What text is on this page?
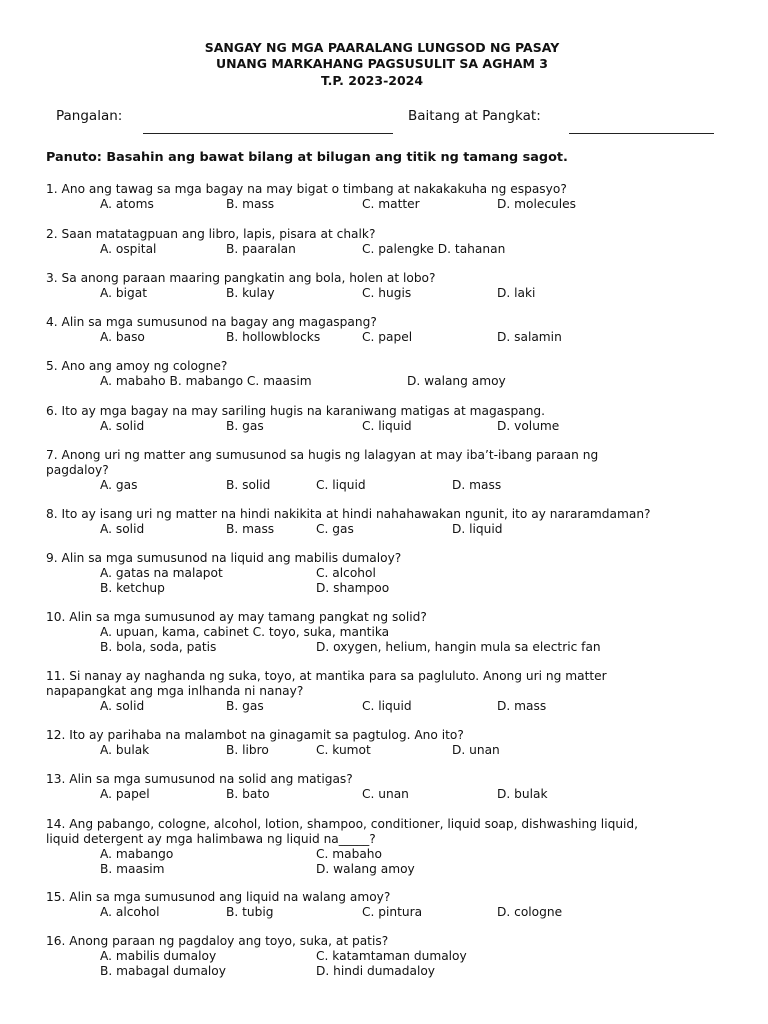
SANGAY NG MGA PAARALANG LUNGSOD NG PASAY
UNANG MARKAHANG PAGSUSULIT SA AGHAM 3
T.P. 2023-2024
Pangalan:	Baitang at Pangkat:
Panuto: Basahin ang bawat bilang at bilugan ang titik ng tamang sagot.
1. Ano ang tawag sa mga bagay na may bigat o timbang at nakakakuha ng espasyo?
A. atoms	B. mass	C. matter	D. molecules
2. Saan matatagpuan ang libro, lapis, pisara at chalk?
A. ospital	B. paaralan	C. palengke D. tahanan
3. Sa anong paraan maaring pangkatin ang bola, holen at lobo?
A. bigat	B. kulay	C. hugis	D. laki
4. Alin sa mga sumusunod na bagay ang magaspang?
A. baso	B. hollowblocks	C. papel	D. salamin
5. Ano ang amoy ng cologne?
A. mabaho B. mabango C. maasim	D. walang amoy
6. Ito ay mga bagay na may sariling hugis na karaniwang matigas at magaspang.
A. solid	B. gas	C. liquid	D. volume
7. Anong uri ng matter ang sumusunod sa hugis ng lalagyan at may iba’t-ibang paraan ng
pagdaloy?
A. gas	B. solid	C. liquid	D. mass
8. Ito ay isang uri ng matter na hindi nakikita at hindi nahahawakan ngunit, ito ay nararamdaman?
A. solid	B. mass	C. gas	D. liquid
9. Alin sa mga sumusunod na liquid ang mabilis dumaloy?
A. gatas na malapot	C. alcohol
B. ketchup	D. shampoo
10. Alin sa mga sumusunod ay may tamang pangkat ng solid?
A. upuan, kama, cabinet C. toyo, suka, mantika
B. bola, soda, patis	D. oxygen, helium, hangin mula sa electric fan
11. Si nanay ay naghanda ng suka, toyo, at mantika para sa pagluluto. Anong uri ng matter
napapangkat ang mga inlhanda ni nanay?
A. solid	B. gas	C. liquid	D. mass
12. Ito ay parihaba na malambot na ginagamit sa pagtulog. Ano ito?
A. bulak	B. libro	C. kumot	D. unan
13. Alin sa mga sumusunod na solid ang matigas?
A. papel	B. bato	C. unan	D. bulak
14. Ang pabango, cologne, alcohol, lotion, shampoo, conditioner, liquid soap, dishwashing liquid,
liquid detergent ay mga halimbawa ng liquid na_____?
A. mabango	C. mabaho
B. maasim	D. walang amoy
15. Alin sa mga sumusunod ang liquid na walang amoy?
A. alcohol	B. tubig	C. pintura	D. cologne
16. Anong paraan ng pagdaloy ang toyo, suka, at patis?
A. mabilis dumaloy	C. katamtaman dumaloy
B. mabagal dumaloy	D. hindi dumadaloy
